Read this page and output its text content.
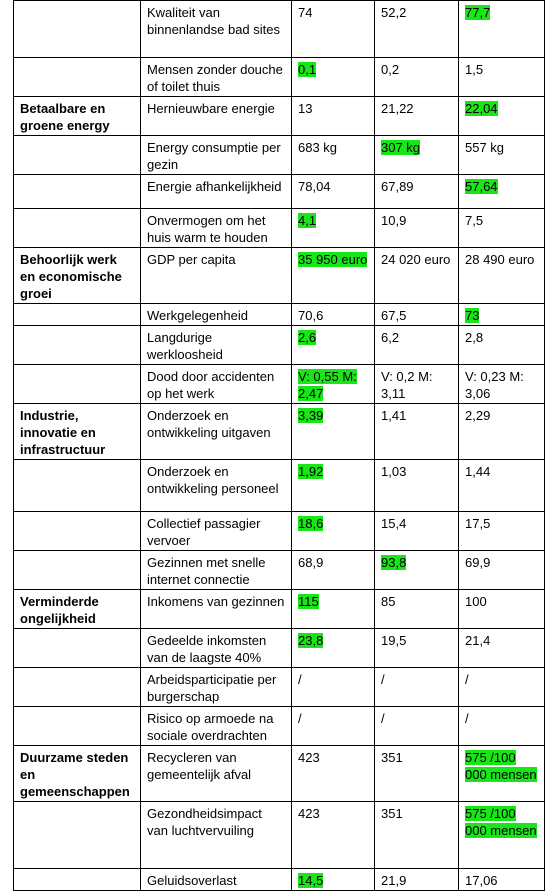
	Kwaliteit van binnenlandse bad sites	74	52,2	77,7
	Mensen zonder douche of toilet thuis	0,1	0,2	1,5
Betaalbare en groene energy	Hernieuwbare energie	13	21,22	22,04
	Energy consumptie per gezin	683 kg	307 kg	557 kg
	Energie afhankelijkheid	78,04	67,89	57,64
	Onvermogen om het huis warm te houden	4,1	10,9	7,5
Behoorlijk werk en economische groei	GDP per capita	35 950 euro	24 020 euro	28 490 euro
	Werkgelegenheid	70,6	67,5	73
	Langdurige werkloosheid	2,6	6,2	2,8
	Dood door accidenten op het werk	V: 0,55 M: 2,47	V: 0,2 M: 3,11	V: 0,23 M: 3,06
Industrie, innovatie en infrastructuur	Onderzoek en ontwikkeling uitgaven	3,39	1,41	2,29
	Onderzoek en ontwikkeling personeel	1,92	1,03	1,44
	Collectief passagier vervoer	18,6	15,4	17,5
	Gezinnen met snelle internet connectie	68,9	93,8	69,9
Verminderde ongelijkheid	Inkomens van gezinnen	115	85	100
	Gedeelde inkomsten van de laagste 40%	23,8	19,5	21,4
	Arbeidsparticipatie per burgerschap	/	/	/
	Risico op armoede na sociale overdrachten	/	/	/
Duurzame steden en gemeenschappen	Recycleren van gemeentelijk afval	423	351	575 /100 000 mensen
	Gezondheidsimpact van luchtvervuiling	423	351	575 /100 000 mensen
	Geluidsoverlast	14,5	21,9	17,06
